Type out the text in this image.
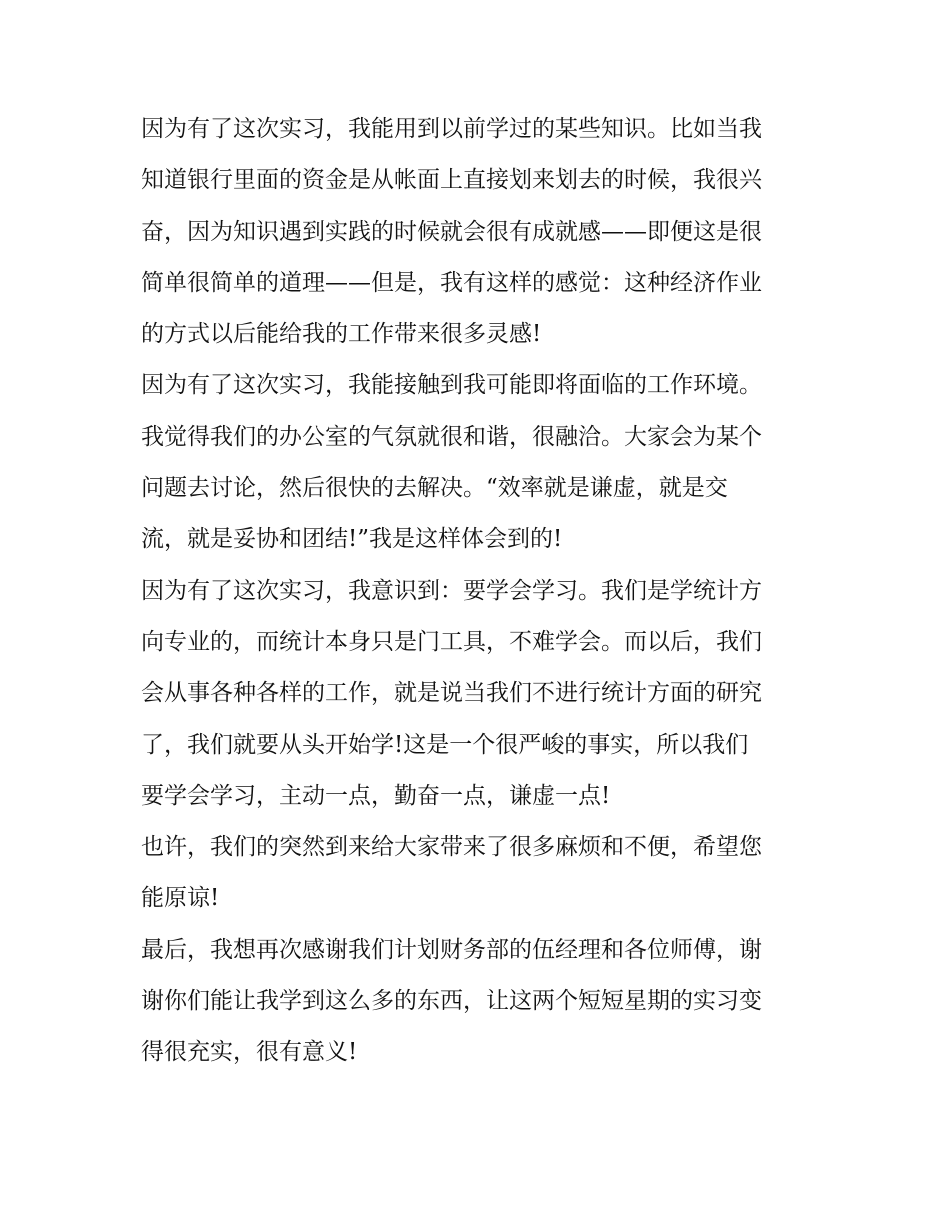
因为有了这次实习，我能用到以前学过的某些知识。比如当我
知道银行里面的资金是从帐面上直接划来划去的时候，我很兴
奋，因为知识遇到实践的时候就会很有成就感——即便这是很
简单很简单的道理——但是，我有这样的感觉：这种经济作业
的方式以后能给我的工作带来很多灵感!
因为有了这次实习，我能接触到我可能即将面临的工作环境。
我觉得我们的办公室的气氛就很和谐，很融洽。大家会为某个
问题去讨论，然后很快的去解决。“效率就是谦虚，就是交
流，就是妥协和团结!”我是这样体会到的!
因为有了这次实习，我意识到：要学会学习。我们是学统计方
向专业的，而统计本身只是门工具，不难学会。而以后，我们
会从事各种各样的工作，就是说当我们不进行统计方面的研究
了，我们就要从头开始学!这是一个很严峻的事实，所以我们
要学会学习，主动一点，勤奋一点，谦虚一点!
也许，我们的突然到来给大家带来了很多麻烦和不便，希望您
能原谅!
最后，我想再次感谢我们计划财务部的伍经理和各位师傅，谢
谢你们能让我学到这么多的东西，让这两个短短星期的实习变
得很充实，很有意义!
